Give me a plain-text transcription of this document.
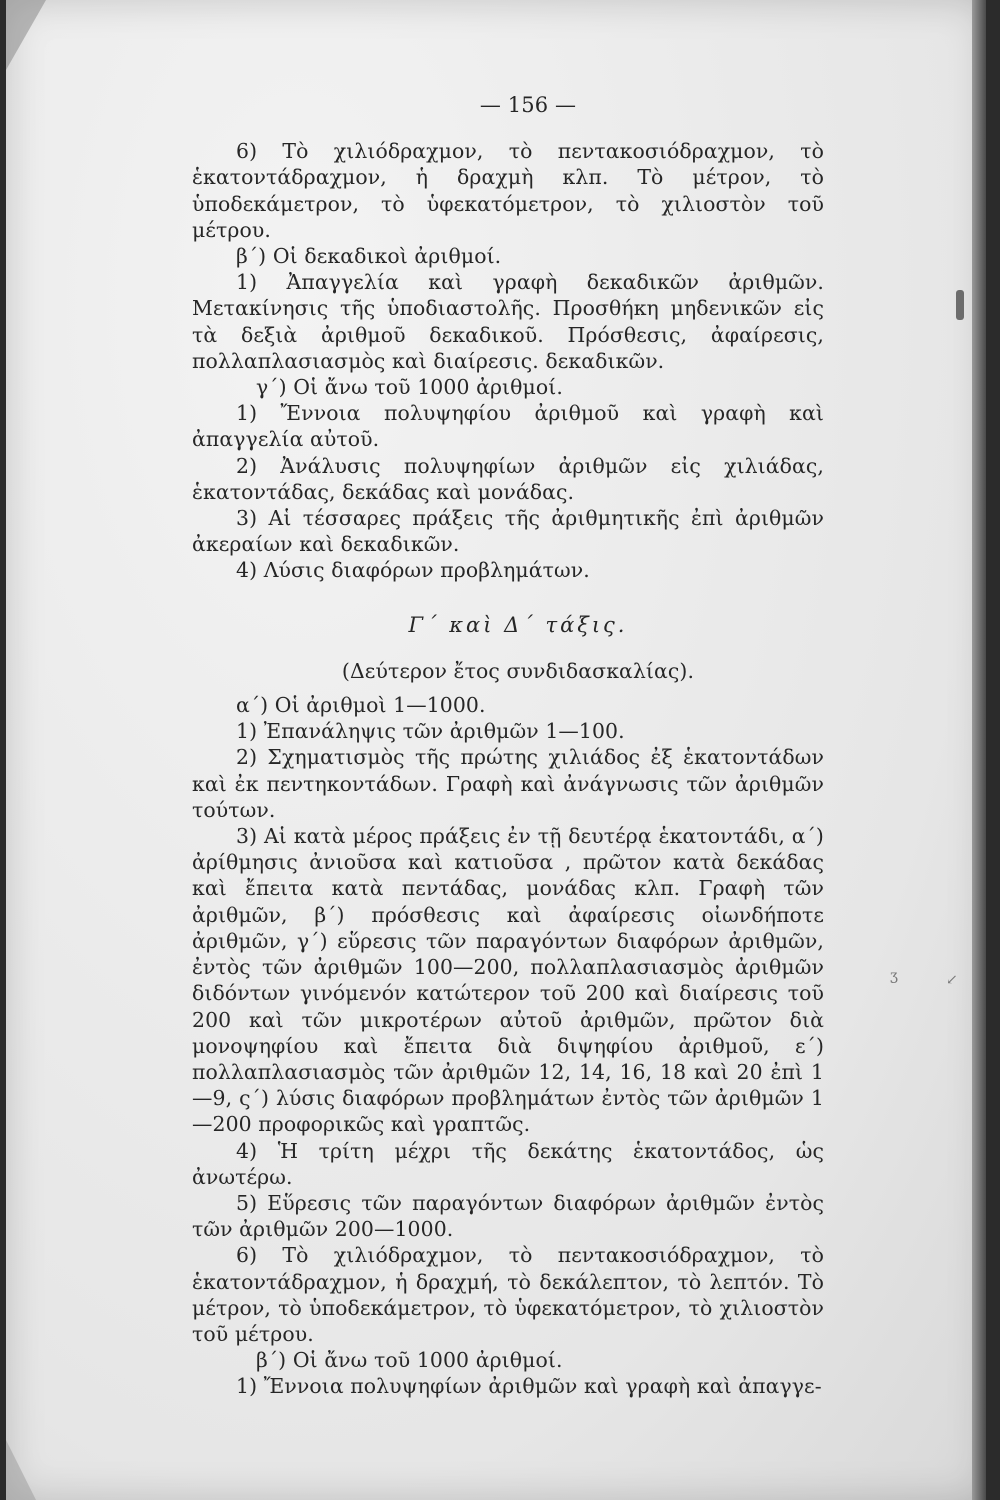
ʒ	↙

— 156 —

6) Τὸ χιλιόδραχμον, τὸ πεντακοσιόδραχμον, τὸ ἑκατοντάδραχμον, ἡ δραχμὴ κλπ. Τὸ μέτρον, τὸ ὑποδεκάμετρον, τὸ ὑφεκατόμετρον, τὸ χιλιοστὸν τοῦ μέτρου.

β΄) Οἱ δεκαδικοὶ ἀριθμοί.

1) Ἀπαγγελία καὶ γραφὴ δεκαδικῶν ἀριθμῶν. Μετακίνησις τῆς ὑποδιαστολῆς. Προσθήκη μηδενικῶν εἰς τὰ δεξιὰ ἀριθμοῦ δεκαδικοῦ. Πρόσθεσις, ἀφαίρεσις, πολλαπλασιασμὸς καὶ διαίρεσις. δεκαδικῶν.

γ΄) Οἱ ἄνω τοῦ 1000 ἀριθμοί.

1) Ἔννοια πολυψηφίου ἀριθμοῦ καὶ γραφὴ καὶ ἀπαγγελία αὐτοῦ.

2) Ἀνάλυσις πολυψηφίων ἀριθμῶν εἰς χιλιάδας, ἑκατοντάδας, δεκάδας καὶ μονάδας.

3) Αἱ τέσσαρες πράξεις τῆς ἀριθμητικῆς ἐπὶ ἀριθμῶν ἀκεραίων καὶ δεκαδικῶν.

4) Λύσις διαφόρων προβλημάτων.

Γ΄ καὶ Δ΄ τάξις.

(Δεύτερον ἔτος συνδιδασκαλίας).

α΄) Οἱ ἀριθμοὶ 1—1000.

1) Ἐπανάληψις τῶν ἀριθμῶν 1—100.

2) Σχηματισμὸς τῆς πρώτης χιλιάδος ἐξ ἑκατοντάδων καὶ ἐκ πεντηκοντάδων. Γραφὴ καὶ ἀνάγνωσις τῶν ἀριθμῶν τούτων.

3) Αἱ κατὰ μέρος πράξεις ἐν τῇ δευτέρᾳ ἑκατοντάδι, α΄) ἀρίθμησις ἀνιοῦσα καὶ κατιοῦσα , πρῶτον κατὰ δεκάδας καὶ ἔπειτα κατὰ πεντάδας, μονάδας κλπ. Γραφὴ τῶν ἀριθμῶν, β΄) πρόσθεσις καὶ ἀφαίρεσις οἰωνδήποτε ἀριθμῶν, γ΄) εὕρεσις τῶν παραγόντων διαφόρων ἀριθμῶν, ἐντὸς τῶν ἀριθμῶν 100—200, πολλαπλασιασμὸς ἀριθμῶν διδόντων γινόμενόν κατώτερον τοῦ 200 καὶ διαίρεσις τοῦ 200 καὶ τῶν μικροτέρων αὐτοῦ ἀριθμῶν, πρῶτον διὰ μονοψηφίου καὶ ἔπειτα διὰ διψηφίου ἀριθμοῦ, ε΄) πολλαπλασιασμὸς τῶν ἀριθμῶν 12, 14, 16, 18 καὶ 20 ἐπὶ 1—9, ς΄) λύσις διαφόρων προβλημάτων ἐντὸς τῶν ἀριθμῶν 1—200 προφορικῶς καὶ γραπτῶς.

4) Ἡ τρίτη μέχρι τῆς δεκάτης ἑκατοντάδος, ὡς ἀνωτέρω.

5) Εὕρεσις τῶν παραγόντων διαφόρων ἀριθμῶν ἐντὸς τῶν ἀριθμῶν 200—1000.

6) Τὸ χιλιόδραχμον, τὸ πεντακοσιόδραχμον, τὸ ἑκατοντάδραχμον, ἡ δραχμή, τὸ δεκάλεπτον, τὸ λεπτόν. Τὸ μέτρον, τὸ ὑποδεκάμετρον, τὸ ὑφεκατόμετρον, τὸ χιλιοστὸν τοῦ μέτρου.

β΄) Οἱ ἄνω τοῦ 1000 ἀριθμοί.

1) Ἔννοια πολυψηφίων ἀριθμῶν καὶ γραφὴ καὶ ἀπαγγε-
